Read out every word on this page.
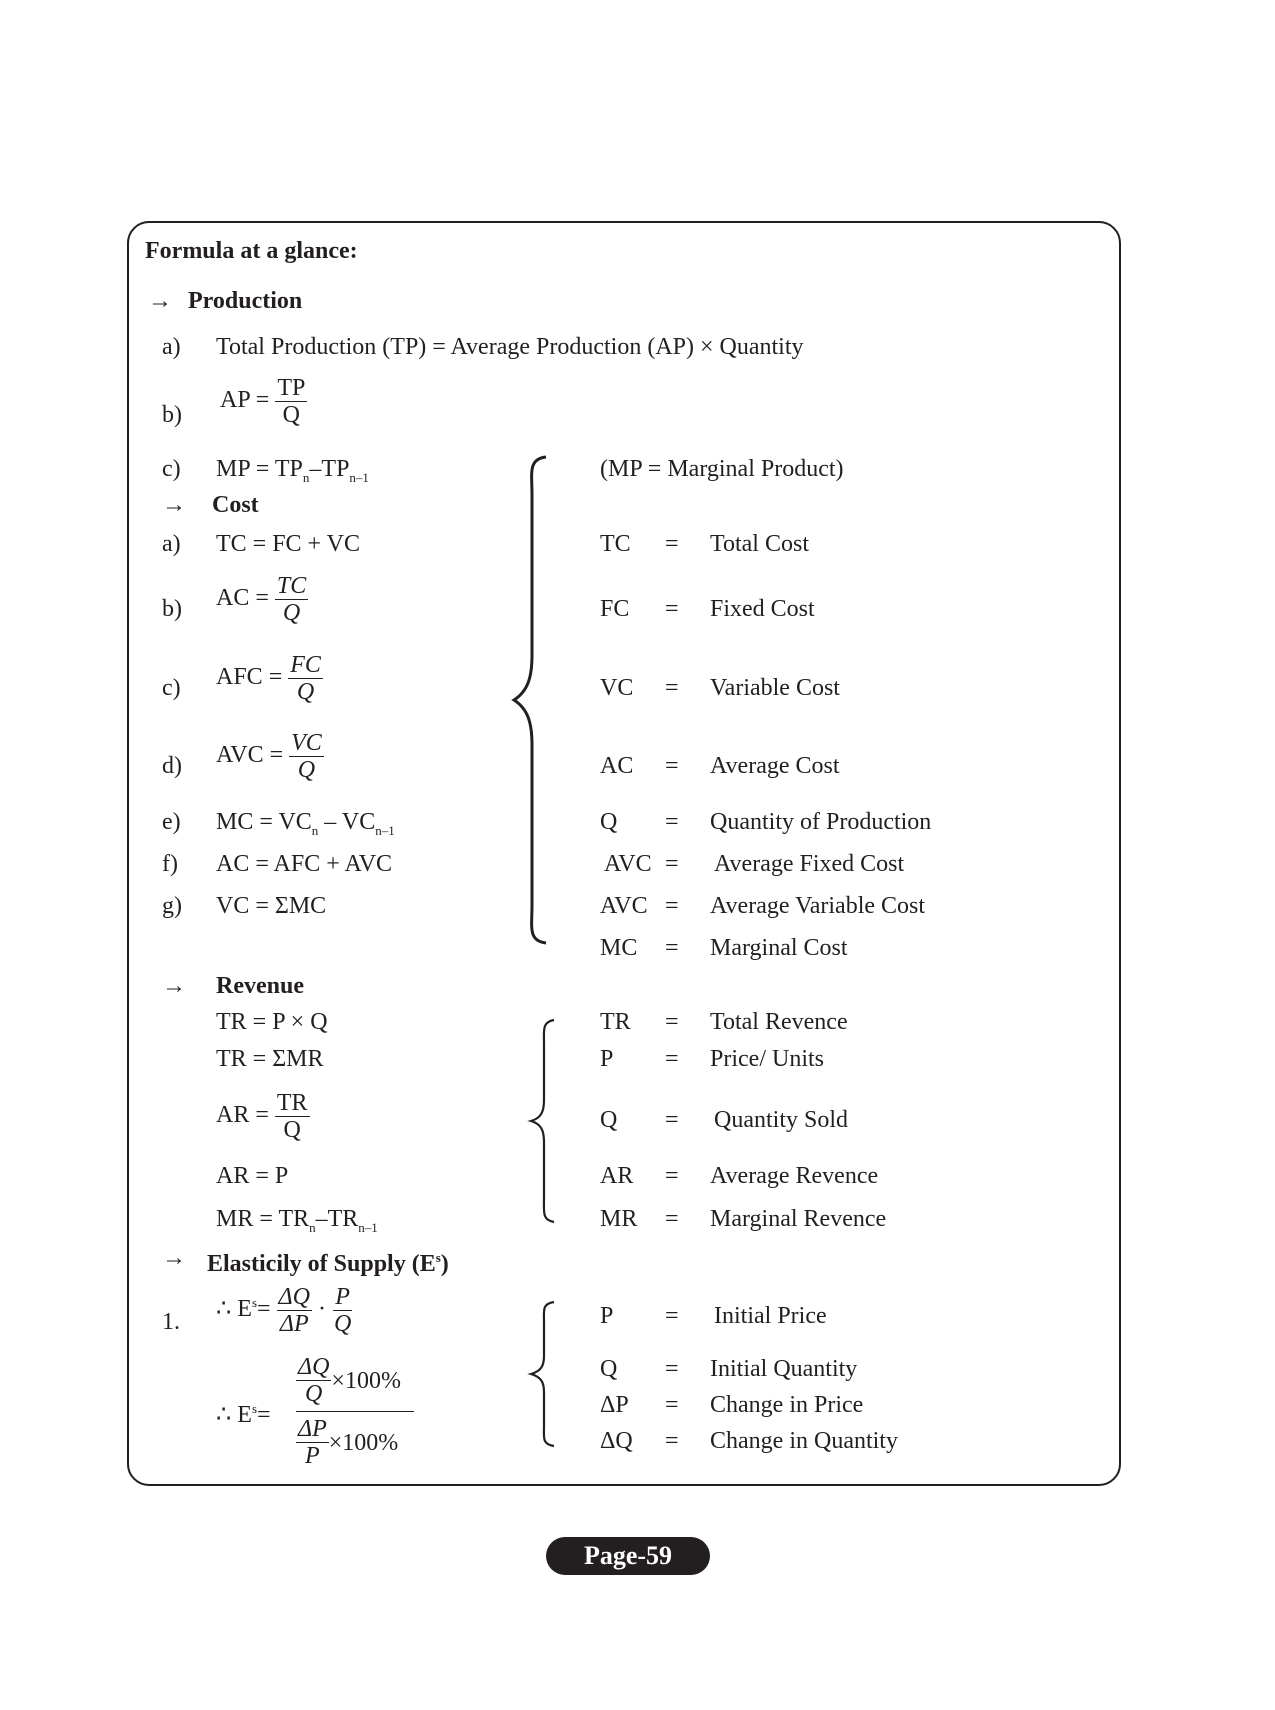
Formula at a glance:
→ Production
a) Total Production (TP) = Average Production (AP) × Quantity
b)
AP = $\frac{TP}{Q}$
c) MP = $TP_n-TP_{n-1}$	(MP = Marginal Product)
→ Cost
a) TC = FC + VC
b) AC = $\frac{TC}{Q}$
c) AFC = $\frac{FC}{Q}$
d) AVC = $\frac{VC}{Q}$
e) MC = $VC_n - VC_{n-1}$
f) AC = AFC + AVC
g) VC = ΣMC
TC = Total Cost
FC = Fixed Cost
VC = Variable Cost
AC = Average Cost
Q = Quantity of Production
AVC = Average Fixed Cost
AVC = Average Variable Cost
MC = Marginal Cost
→ Revenue
TR = P × Q
TR = ΣMR
AR = $\frac{TR}{Q}$
AR = P
MR = $TR_n-TR_{n-1}$
TR = Total Revence
P = Price/ Units
Q = Quantity Sold
AR = Average Revence
MR = Marginal Revence
→ Elasticily of Supply $(E^s)$
1. ∴ $E^s= \frac{\Delta Q}{\Delta P} \cdot \frac{P}{Q}$
∴ $E^s=$
$\frac{\Delta Q}{Q} \times 100\%$
$\frac{\Delta P}{P} \times 100\%$
P = Initial Price
Q = Initial Quantity
ΔP = Change in Price
ΔQ = Change in Quantity
Page-59
